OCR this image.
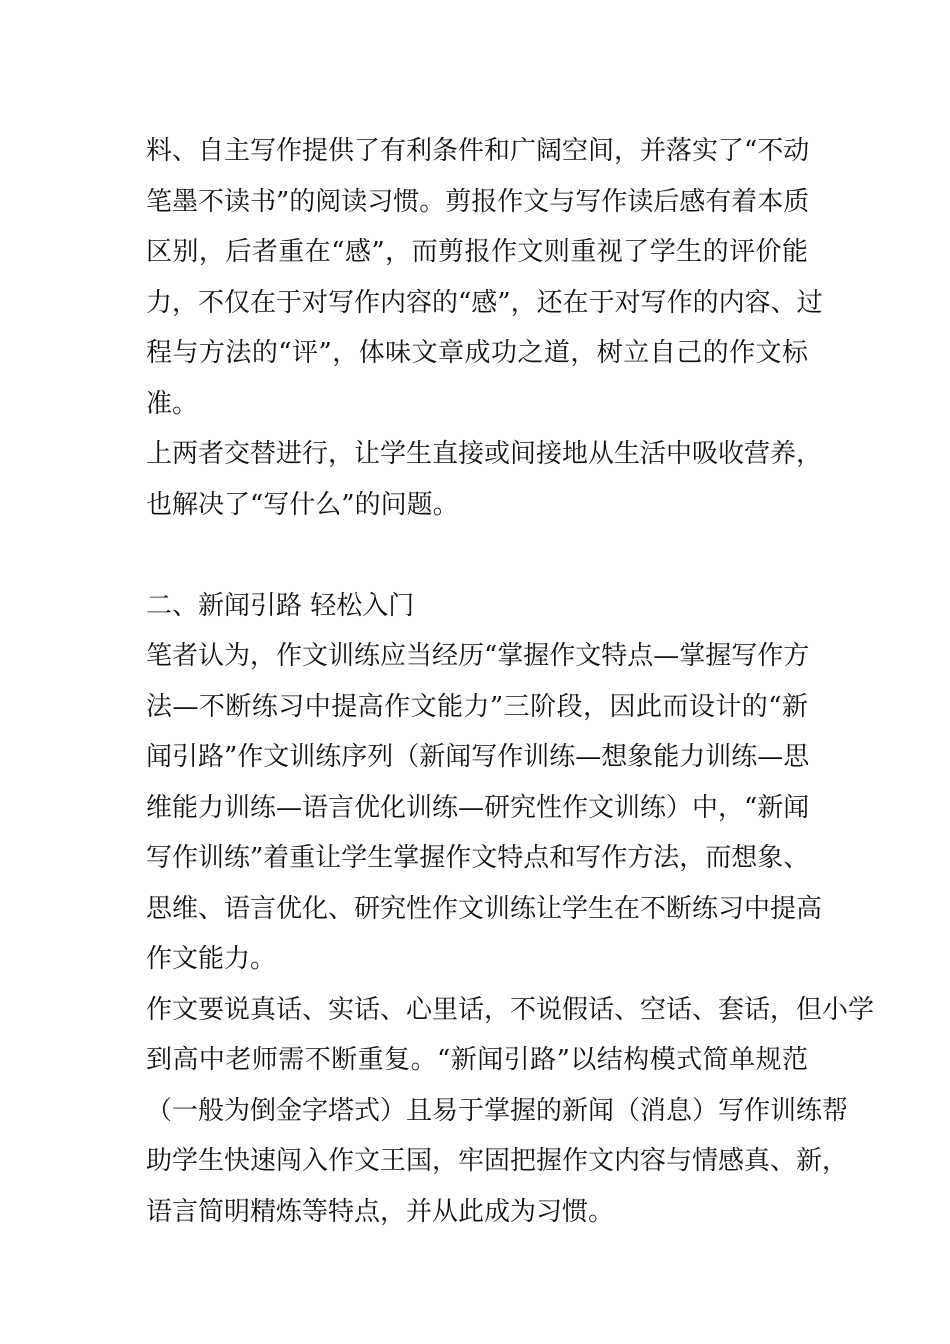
料、自主写作提供了有利条件和广阔空间，并落实了“不动
笔墨不读书”的阅读习惯。剪报作文与写作读后感有着本质
区别，后者重在“感”，而剪报作文则重视了学生的评价能
力，不仅在于对写作内容的“感”，还在于对写作的内容、过
程与方法的“评”，体味文章成功之道，树立自己的作文标
准。
上两者交替进行，让学生直接或间接地从生活中吸收营养，
也解决了“写什么”的问题。
二、新闻引路 轻松入门
笔者认为，作文训练应当经历“掌握作文特点—掌握写作方
法—不断练习中提高作文能力”三阶段，因此而设计的“新
闻引路”作文训练序列（新闻写作训练—想象能力训练—思
维能力训练—语言优化训练—研究性作文训练）中，“新闻
写作训练”着重让学生掌握作文特点和写作方法，而想象、
思维、语言优化、研究性作文训练让学生在不断练习中提高
作文能力。
作文要说真话、实话、心里话，不说假话、空话、套话，但小学
到高中老师需不断重复。“新闻引路”以结构模式简单规范
（一般为倒金字塔式）且易于掌握的新闻（消息）写作训练帮
助学生快速闯入作文王国，牢固把握作文内容与情感真、新，
语言简明精炼等特点，并从此成为习惯。
